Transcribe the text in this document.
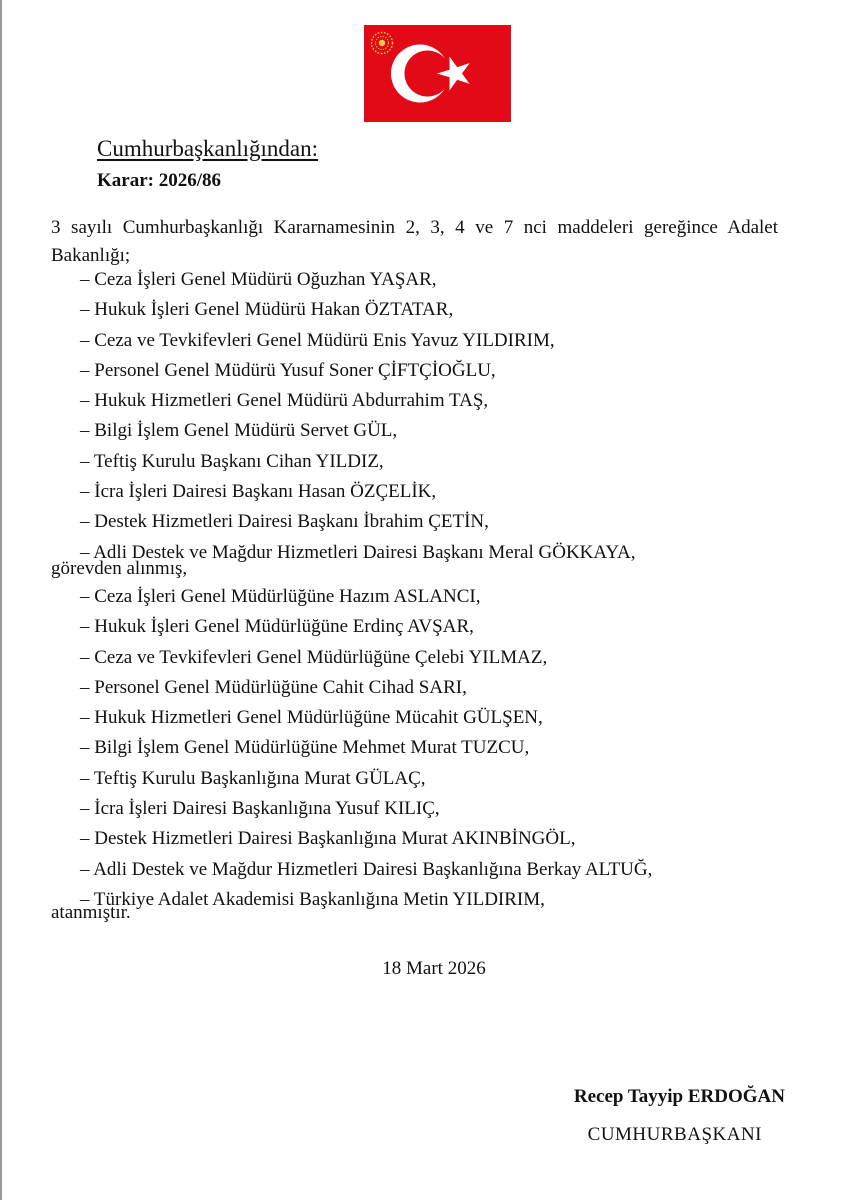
Cumhurbaşkanlığından:
Karar: 2026/86
3 sayılı Cumhurbaşkanlığı Kararnamesinin 2, 3, 4 ve 7 nci maddeleri gereğince Adalet Bakanlığı;
– Ceza İşleri Genel Müdürü Oğuzhan YAŞAR,
– Hukuk İşleri Genel Müdürü Hakan ÖZTATAR,
– Ceza ve Tevkifevleri Genel Müdürü Enis Yavuz YILDIRIM,
– Personel Genel Müdürü Yusuf Soner ÇİFTÇİOĞLU,
– Hukuk Hizmetleri Genel Müdürü Abdurrahim TAŞ,
– Bilgi İşlem Genel Müdürü Servet GÜL,
– Teftiş Kurulu Başkanı Cihan YILDIZ,
– İcra İşleri Dairesi Başkanı Hasan ÖZÇELİK,
– Destek Hizmetleri Dairesi Başkanı İbrahim ÇETİN,
– Adli Destek ve Mağdur Hizmetleri Dairesi Başkanı Meral GÖKKAYA,
görevden alınmış,
– Ceza İşleri Genel Müdürlüğüne Hazım ASLANCI,
– Hukuk İşleri Genel Müdürlüğüne Erdinç AVŞAR,
– Ceza ve Tevkifevleri Genel Müdürlüğüne Çelebi YILMAZ,
– Personel Genel Müdürlüğüne Cahit Cihad SARI,
– Hukuk Hizmetleri Genel Müdürlüğüne Mücahit GÜLŞEN,
– Bilgi İşlem Genel Müdürlüğüne Mehmet Murat TUZCU,
– Teftiş Kurulu Başkanlığına Murat GÜLAÇ,
– İcra İşleri Dairesi Başkanlığına Yusuf KILIÇ,
– Destek Hizmetleri Dairesi Başkanlığına Murat AKINBİNGÖL,
– Adli Destek ve Mağdur Hizmetleri Dairesi Başkanlığına Berkay ALTUĞ,
– Türkiye Adalet Akademisi Başkanlığına Metin YILDIRIM,
atanmıştır.
18 Mart 2026
Recep Tayyip ERDOĞAN
CUMHURBAŞKANI
